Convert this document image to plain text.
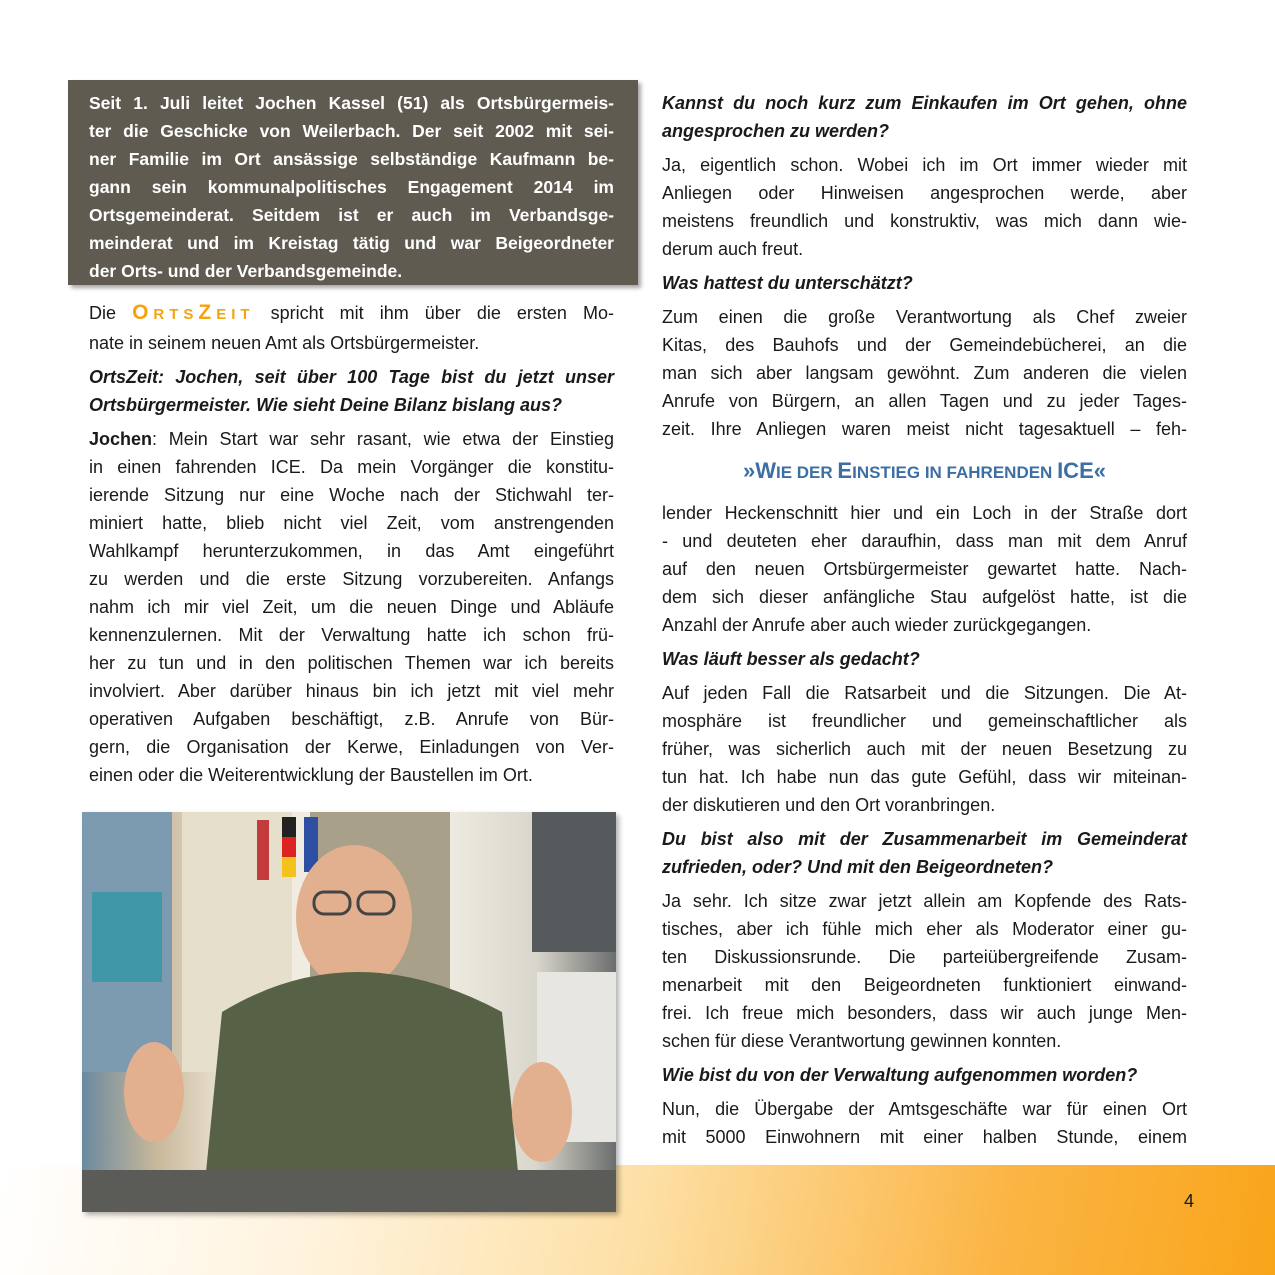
Seit 1. Juli leitet Jochen Kassel (51) als Ortsbürgermeis-
ter die Geschicke von Weilerbach. Der seit 2002 mit sei-
ner Familie im Ort ansässige selbständige Kaufmann be-
gann sein kommunalpolitisches Engagement 2014 im
Ortsgemeinderat. Seitdem ist er auch im Verbandsge-
meinderat und im Kreistag tätig und war Beigeordneter
der Orts- und der Verbandsgemeinde.
Die ORTSZEIT spricht mit ihm über die ersten Mo-
nate in seinem neuen Amt als Ortsbürgermeister.
OrtsZeit: Jochen, seit über 100 Tage bist du jetzt unser
Ortsbürgermeister. Wie sieht Deine Bilanz bislang aus?
Jochen: Mein Start war sehr rasant, wie etwa der Einstieg
in einen fahrenden ICE. Da mein Vorgänger die konstitu-
ierende Sitzung nur eine Woche nach der Stichwahl ter-
miniert hatte, blieb nicht viel Zeit, vom anstrengenden
Wahlkampf herunterzukommen, in das Amt eingeführt
zu werden und die erste Sitzung vorzubereiten. Anfangs
nahm ich mir viel Zeit, um die neuen Dinge und Abläufe
kennenzulernen. Mit der Verwaltung hatte ich schon frü-
her zu tun und in den politischen Themen war ich bereits
involviert. Aber darüber hinaus bin ich jetzt mit viel mehr
operativen Aufgaben beschäftigt, z.B. Anrufe von Bür-
gern, die Organisation der Kerwe, Einladungen von Ver-
einen oder die Weiterentwicklung der Baustellen im Ort.
Kannst du noch kurz zum Einkaufen im Ort gehen, ohne
angesprochen zu werden?
Ja, eigentlich schon. Wobei ich im Ort immer wieder mit
Anliegen oder Hinweisen angesprochen werde, aber
meistens freundlich und konstruktiv, was mich dann wie-
derum auch freut.
Was hattest du unterschätzt?
Zum einen die große Verantwortung als Chef zweier
Kitas, des Bauhofs und der Gemeindebücherei, an die
man sich aber langsam gewöhnt. Zum anderen die vielen
Anrufe von Bürgern, an allen Tagen und zu jeder Tages-
zeit. Ihre Anliegen waren meist nicht tagesaktuell – feh-
»WIE DER EINSTIEG IN FAHRENDEN ICE«
lender Heckenschnitt hier und ein Loch in der Straße dort
- und deuteten eher daraufhin, dass man mit dem Anruf
auf den neuen Ortsbürgermeister gewartet hatte. Nach-
dem sich dieser anfängliche Stau aufgelöst hatte, ist die
Anzahl der Anrufe aber auch wieder zurückgegangen.
Was läuft besser als gedacht?
Auf jeden Fall die Ratsarbeit und die Sitzungen. Die At-
mosphäre ist freundlicher und gemeinschaftlicher als
früher, was sicherlich auch mit der neuen Besetzung zu
tun hat. Ich habe nun das gute Gefühl, dass wir miteinan-
der diskutieren und den Ort voranbringen.
Du bist also mit der Zusammenarbeit im Gemeinderat
zufrieden, oder? Und mit den Beigeordneten?
Ja sehr. Ich sitze zwar jetzt allein am Kopfende des Rats-
tisches, aber ich fühle mich eher als Moderator einer gu-
ten Diskussionsrunde. Die parteiübergreifende Zusam-
menarbeit mit den Beigeordneten funktioniert einwand-
frei. Ich freue mich besonders, dass wir auch junge Men-
schen für diese Verantwortung gewinnen konnten.
Wie bist du von der Verwaltung aufgenommen worden?
Nun, die Übergabe der Amtsgeschäfte war für einen Ort
mit 5000 Einwohnern mit einer halben Stunde, einem
4
